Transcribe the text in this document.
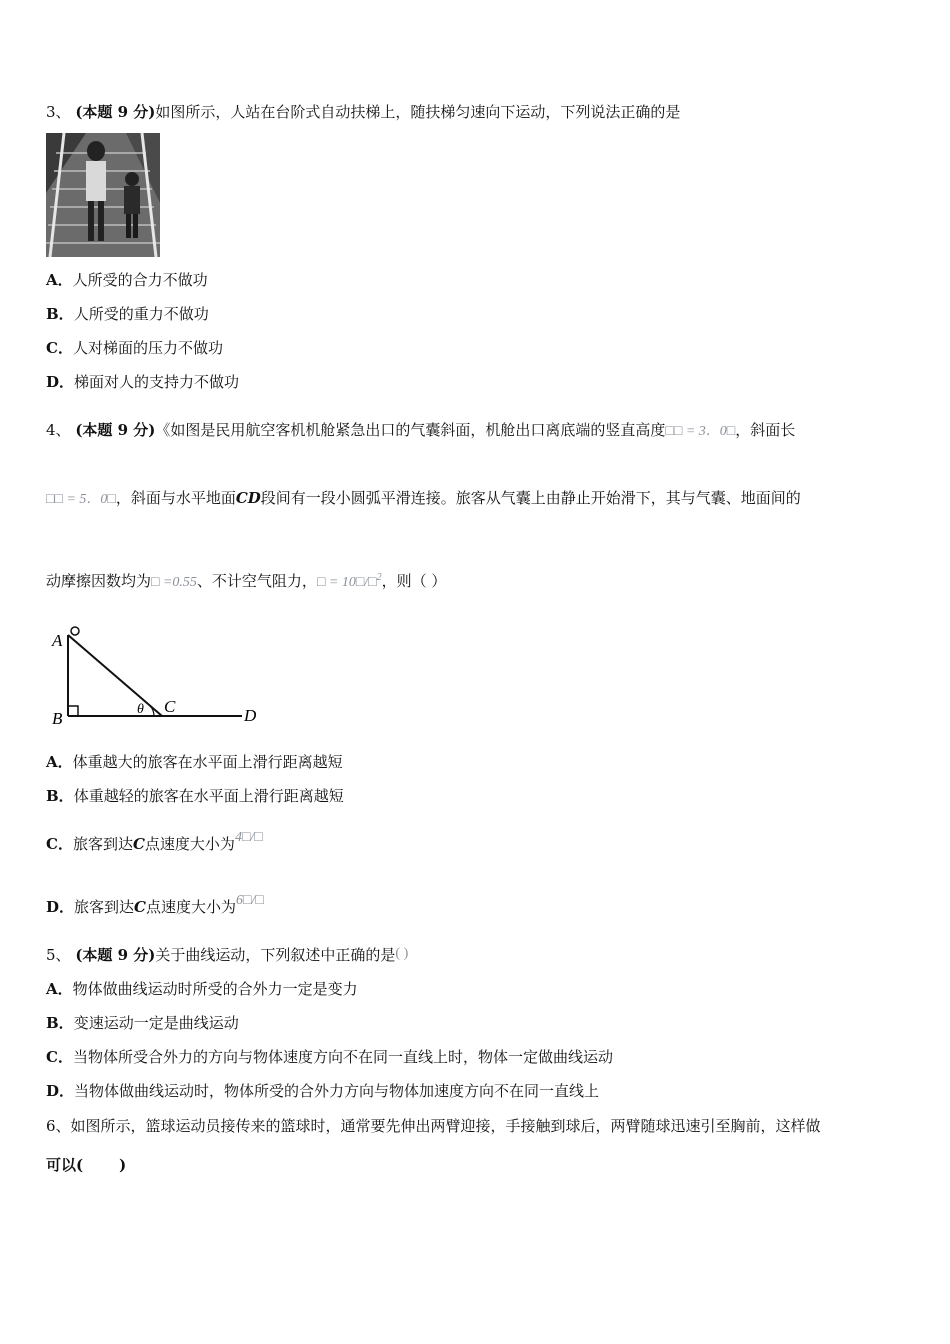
3、 (本题 9 分)如图所示，人站在台阶式自动扶梯上，随扶梯匀速向下运动，下列说法正确的是
A．人所受的合力不做功
B．人所受的重力不做功
C．人对梯面的压力不做功
D．梯面对人的支持力不做功
4、 (本题 9 分)《如图是民用航空客机机舱紧急出口的气囊斜面，机舱出口离底端的竖直高度□□ = 3．0□，斜面长
□□ = 5．0□，斜面与水平地面CD段间有一段小圆弧平滑连接。旅客从气囊上由静止开始滑下，其与气囊、地面间的
动摩擦因数均为□ =0.55、不计空气阻力，□ = 10□/□$^2$，则（ ）
A
B
C	D
θ
A．体重越大的旅客在水平面上滑行距离越短
B．体重越轻的旅客在水平面上滑行距离越短
C．旅客到达C点速度大小为4□/□
D．旅客到达C点速度大小为6□/□
5、 (本题 9 分)关于曲线运动，下列叙述中正确的是( )
A．物体做曲线运动时所受的合外力一定是变力
B．变速运动一定是曲线运动
C．当物体所受合外力的方向与物体速度方向不在同一直线上时，物体一定做曲线运动
D．当物体做曲线运动时，物体所受的合外力方向与物体加速度方向不在同一直线上
6、如图所示，篮球运动员接传来的篮球时，通常要先伸出两臂迎接，手接触到球后，两臂随球迅速引至胸前，这样做
可以( )
